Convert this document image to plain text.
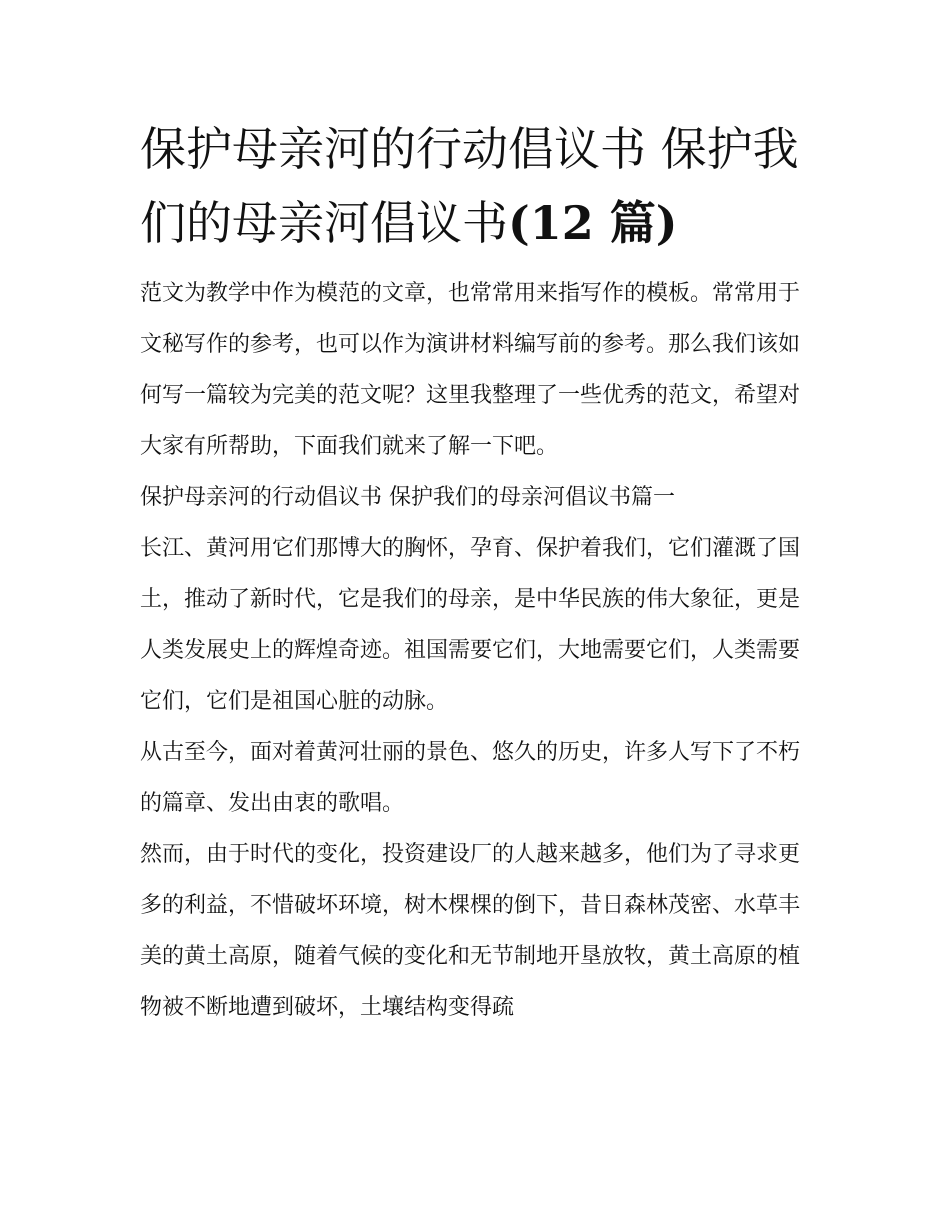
保护母亲河的行动倡议书 保护我们的母亲河倡议书(12 篇)

范文为教学中作为模范的文章，也常常用来指写作的模板。常常用于文秘写作的参考，也可以作为演讲材料编写前的参考。那么我们该如何写一篇较为完美的范文呢？这里我整理了一些优秀的范文，希望对大家有所帮助，下面我们就来了解一下吧。

保护母亲河的行动倡议书 保护我们的母亲河倡议书篇一

长江、黄河用它们那博大的胸怀，孕育、保护着我们，它们灌溉了国土，推动了新时代，它是我们的母亲，是中华民族的伟大象征，更是人类发展史上的辉煌奇迹。祖国需要它们，大地需要它们，人类需要它们，它们是祖国心脏的动脉。

从古至今，面对着黄河壮丽的景色、悠久的历史，许多人写下了不朽的篇章、发出由衷的歌唱。

然而，由于时代的变化，投资建设厂的人越来越多，他们为了寻求更多的利益，不惜破坏环境，树木棵棵的倒下，昔日森林茂密、水草丰美的黄土高原，随着气候的变化和无节制地开垦放牧，黄土高原的植物被不断地遭到破坏，土壤结构变得疏
